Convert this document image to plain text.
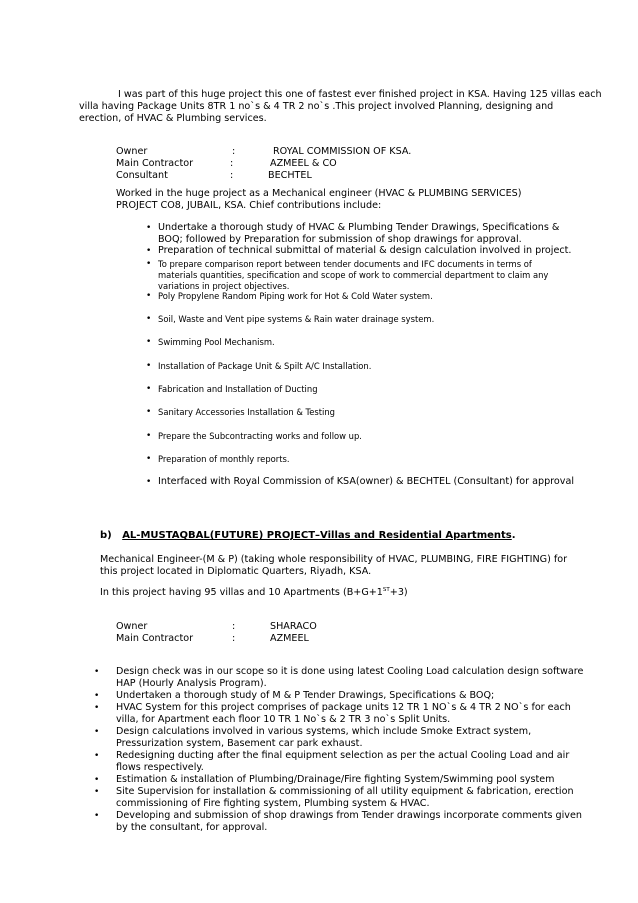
I was part of this huge project this one of fastest ever finished project in KSA. Having 125 villas each
villa having Package Units 8TR 1 no`s & 4 TR 2 no`s .This project involved Planning, designing and
erection, of HVAC & Plumbing services.
Owner	:	ROYAL COMMISSION OF KSA.
Main Contractor	:	AZMEEL & CO
Consultant	:	BECHTEL
Worked in the huge project as a Mechanical engineer (HVAC & PLUMBING SERVICES)
PROJECT CO8, JUBAIL, KSA. Chief contributions include:
• Undertake a thorough study of HVAC & Plumbing Tender Drawings, Specifications &
BOQ; followed by Preparation for submission of shop drawings for approval.
• Preparation of technical submittal of material & design calculation involved in project.
• To prepare comparison report between tender documents and IFC documents in terms of
materials quantities, specification and scope of work to commercial department to claim any
variations in project objectives.
• Poly Propylene Random Piping work for Hot & Cold Water system.
• Soil, Waste and Vent pipe systems & Rain water drainage system.
• Swimming Pool Mechanism.
• Installation of Package Unit & Spilt A/C Installation.
• Fabrication and Installation of Ducting
• Sanitary Accessories Installation & Testing
• Prepare the Subcontracting works and follow up.
• Preparation of monthly reports.
• Interfaced with Royal Commission of KSA(owner) & BECHTEL (Consultant) for approval
b) AL-MUSTAQBAL(FUTURE) PROJECT–Villas and Residential Apartments.
Mechanical Engineer-(M & P) (taking whole responsibility of HVAC, PLUMBING, FIRE FIGHTING) for
this project located in Diplomatic Quarters, Riyadh, KSA.
In this project having 95 villas and 10 Apartments (B+G+1ST+3)
Owner	:	SHARACO
Main Contractor	:	AZMEEL
• Design check was in our scope so it is done using latest Cooling Load calculation design software
HAP (Hourly Analysis Program).
• Undertaken a thorough study of M & P Tender Drawings, Specifications & BOQ;
• HVAC System for this project comprises of package units 12 TR 1 NO`s & 4 TR 2 NO`s for each
villa, for Apartment each floor 10 TR 1 No`s & 2 TR 3 no`s Split Units.
• Design calculations involved in various systems, which include Smoke Extract system,
Pressurization system, Basement car park exhaust.
• Redesigning ducting after the final equipment selection as per the actual Cooling Load and air
flows respectively.
• Estimation & installation of Plumbing/Drainage/Fire fighting System/Swimming pool system
• Site Supervision for installation & commissioning of all utility equipment & fabrication, erection
commissioning of Fire fighting system, Plumbing system & HVAC.
• Developing and submission of shop drawings from Tender drawings incorporate comments given
by the consultant, for approval.
